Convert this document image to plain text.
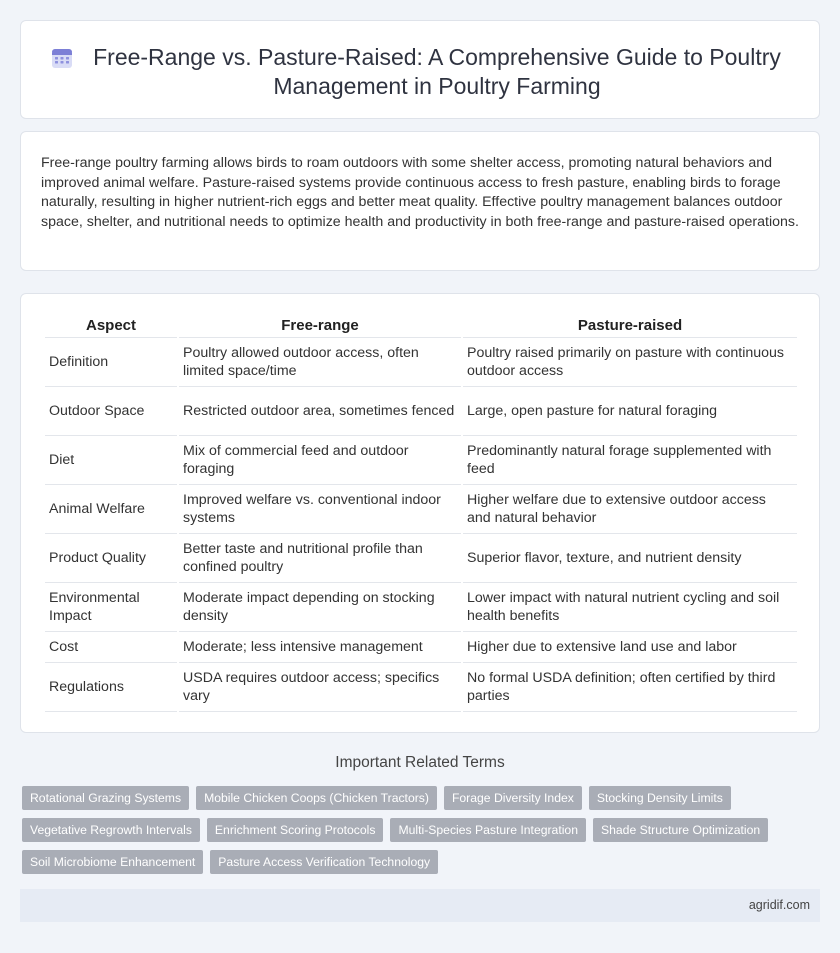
Free-Range vs. Pasture-Raised: A Comprehensive Guide to Poultry Management in Poultry Farming

Free-range poultry farming allows birds to roam outdoors with some shelter access, promoting natural behaviors and improved animal welfare. Pasture-raised systems provide continuous access to fresh pasture, enabling birds to forage naturally, resulting in higher nutrient-rich eggs and better meat quality. Effective poultry management balances outdoor space, shelter, and nutritional needs to optimize health and productivity in both free-range and pasture-raised operations.

Aspect	Free-range	Pasture-raised
Definition	Poultry allowed outdoor access, often limited space/time	Poultry raised primarily on pasture with continuous outdoor access
Outdoor Space	Restricted outdoor area, sometimes fenced	Large, open pasture for natural foraging
Diet	Mix of commercial feed and outdoor foraging	Predominantly natural forage supplemented with feed
Animal Welfare	Improved welfare vs. conventional indoor systems	Higher welfare due to extensive outdoor access and natural behavior
Product Quality	Better taste and nutritional profile than confined poultry	Superior flavor, texture, and nutrient density
Environmental Impact	Moderate impact depending on stocking density	Lower impact with natural nutrient cycling and soil health benefits
Cost	Moderate; less intensive management	Higher due to extensive land use and labor
Regulations	USDA requires outdoor access; specifics vary	No formal USDA definition; often certified by third parties
Important Related Terms
Rotational Grazing Systems	Mobile Chicken Coops (Chicken Tractors)	Forage Diversity Index	Stocking Density Limits
Vegetative Regrowth Intervals	Enrichment Scoring Protocols	Multi-Species Pasture Integration	Shade Structure Optimization
Soil Microbiome Enhancement	Pasture Access Verification Technology
agridif.com
